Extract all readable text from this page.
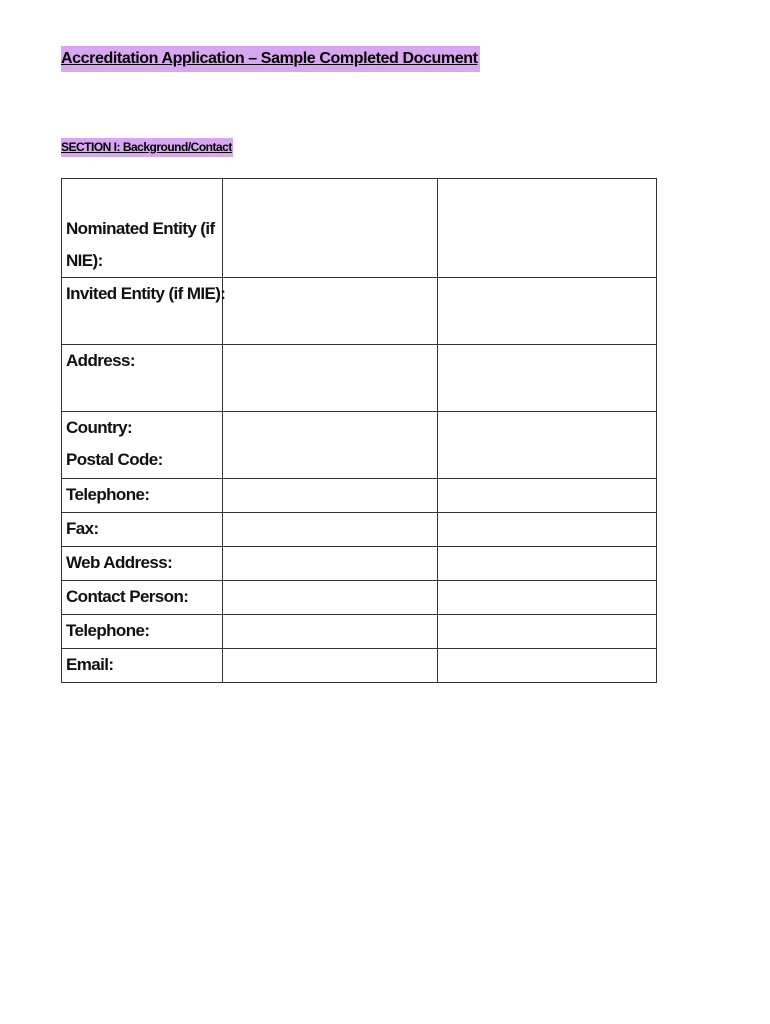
Accreditation Application – Sample Completed Document
SECTION I: Background/Contact
Nominated Entity (if
NIE):		

Invited Entity (if MIE):		

Address:		

Country:
Postal Code:		

Telephone:		

Fax:		

Web Address:		

Contact Person:		

Telephone:		

Email:		
